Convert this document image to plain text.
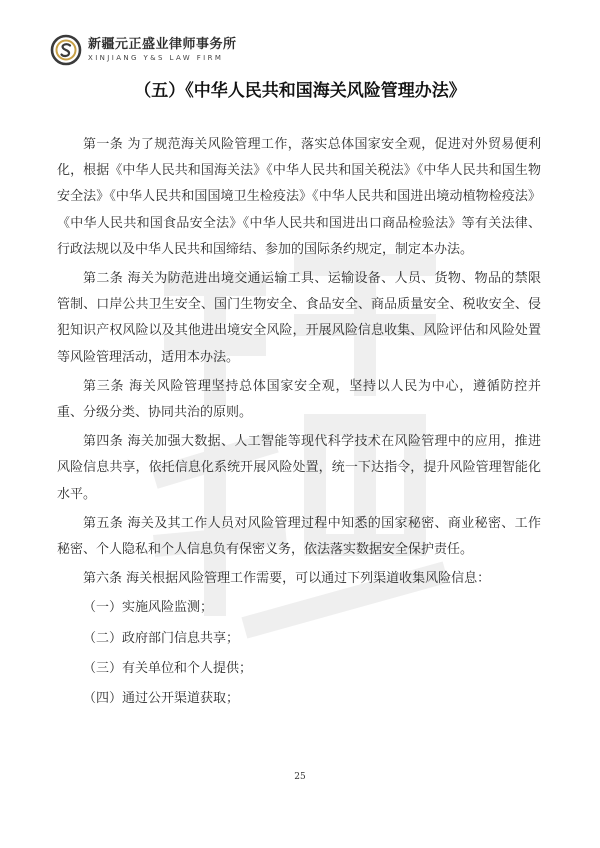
新疆元正盛业律师事务所
XINJIANG Y&S LAW FIRM
（五）《中华人民共和国海关风险管理办法》

第一条 为了规范海关风险管理工作，落实总体国家安全观，促进对外贸易便利化，根据《中华人民共和国海关法》《中华人民共和国关税法》《中华人民共和国生物安全法》《中华人民共和国国境卫生检疫法》《中华人民共和国进出境动植物检疫法》《中华人民共和国食品安全法》《中华人民共和国进出口商品检验法》等有关法律、行政法规以及中华人民共和国缔结、参加的国际条约规定，制定本办法。

第二条 海关为防范进出境交通运输工具、运输设备、人员、货物、物品的禁限管制、口岸公共卫生安全、国门生物安全、食品安全、商品质量安全、税收安全、侵犯知识产权风险以及其他进出境安全风险，开展风险信息收集、风险评估和风险处置等风险管理活动，适用本办法。

第三条 海关风险管理坚持总体国家安全观，坚持以人民为中心，遵循防控并重、分级分类、协同共治的原则。

第四条 海关加强大数据、人工智能等现代科学技术在风险管理中的应用，推进风险信息共享，依托信息化系统开展风险处置，统一下达指令，提升风险管理智能化水平。

第五条 海关及其工作人员对风险管理过程中知悉的国家秘密、商业秘密、工作秘密、个人隐私和个人信息负有保密义务，依法落实数据安全保护责任。

第六条 海关根据风险管理工作需要，可以通过下列渠道收集风险信息：

（一）实施风险监测；

（二）政府部门信息共享；

（三）有关单位和个人提供；

（四）通过公开渠道获取；

25
